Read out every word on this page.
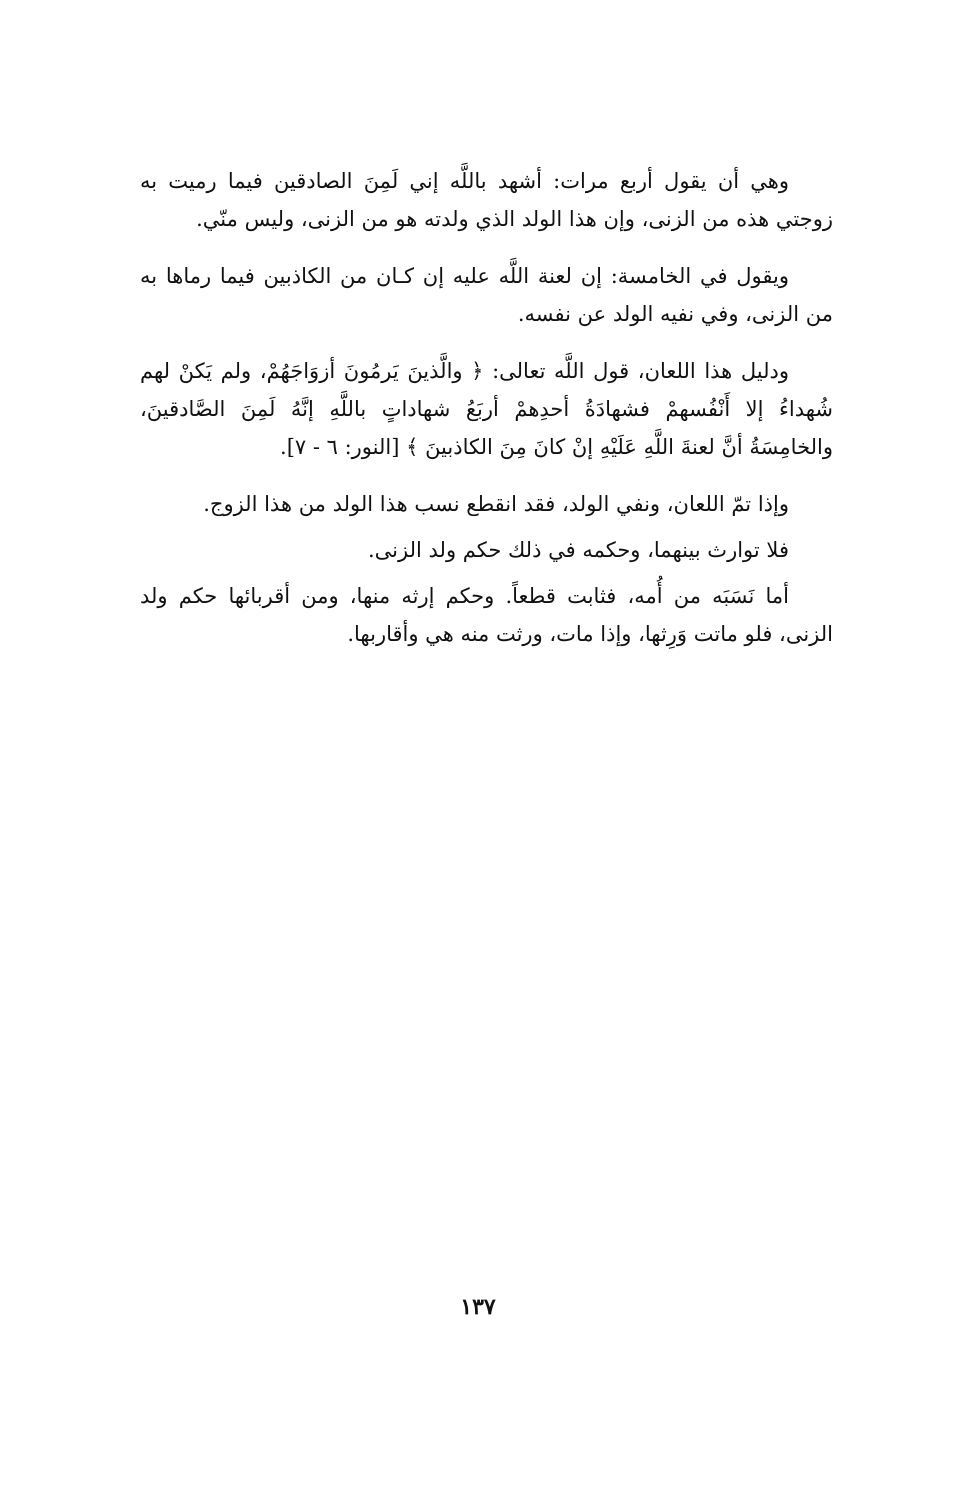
وهي أن يقول أربع مرات: أشهد باللَّه إني لَمِنَ الصادقين فيما رميت به زوجتي هذه من الزنى، وإن هذا الولد الذي ولدته هو من الزنى، وليس منّي.

ويقول في الخامسة: إن لعنة اللَّه عليه إن كـان من الكاذبين فيما رماها به من الزنى، وفي نفيه الولد عن نفسه.

ودليل هذا اللعان، قول اللَّه تعالى: ﴿ والَّذينَ يَرمُونَ أزوَاجَهُمْ، ولم يَكنْ لهم شُهداءُ إلا أَنْفُسهمْ فشهادَةُ أحدِهمْ أربَعُ شهاداتٍ باللَّهِ إنَّهُ لَمِنَ الصَّادقينَ، والخامِسَةُ أنَّ لعنةَ اللَّهِ عَلَيْهِ إنْ كانَ مِنَ الكاذبينَ ﴾ [النور: ٦ - ٧].

وإذا تمّ اللعان، ونفي الولد، فقد انقطع نسب هذا الولد من هذا الزوج.

فلا توارث بينهما، وحكمه في ذلك حكم ولد الزنى.

أما نَسَبَه من أُمه، فثابت قطعاً. وحكم إرثه منها، ومن أقربائها حكم ولد الزنى، فلو ماتت وَرِثها، وإذا مات، ورثت منه هي وأقاربها.

١٣٧
